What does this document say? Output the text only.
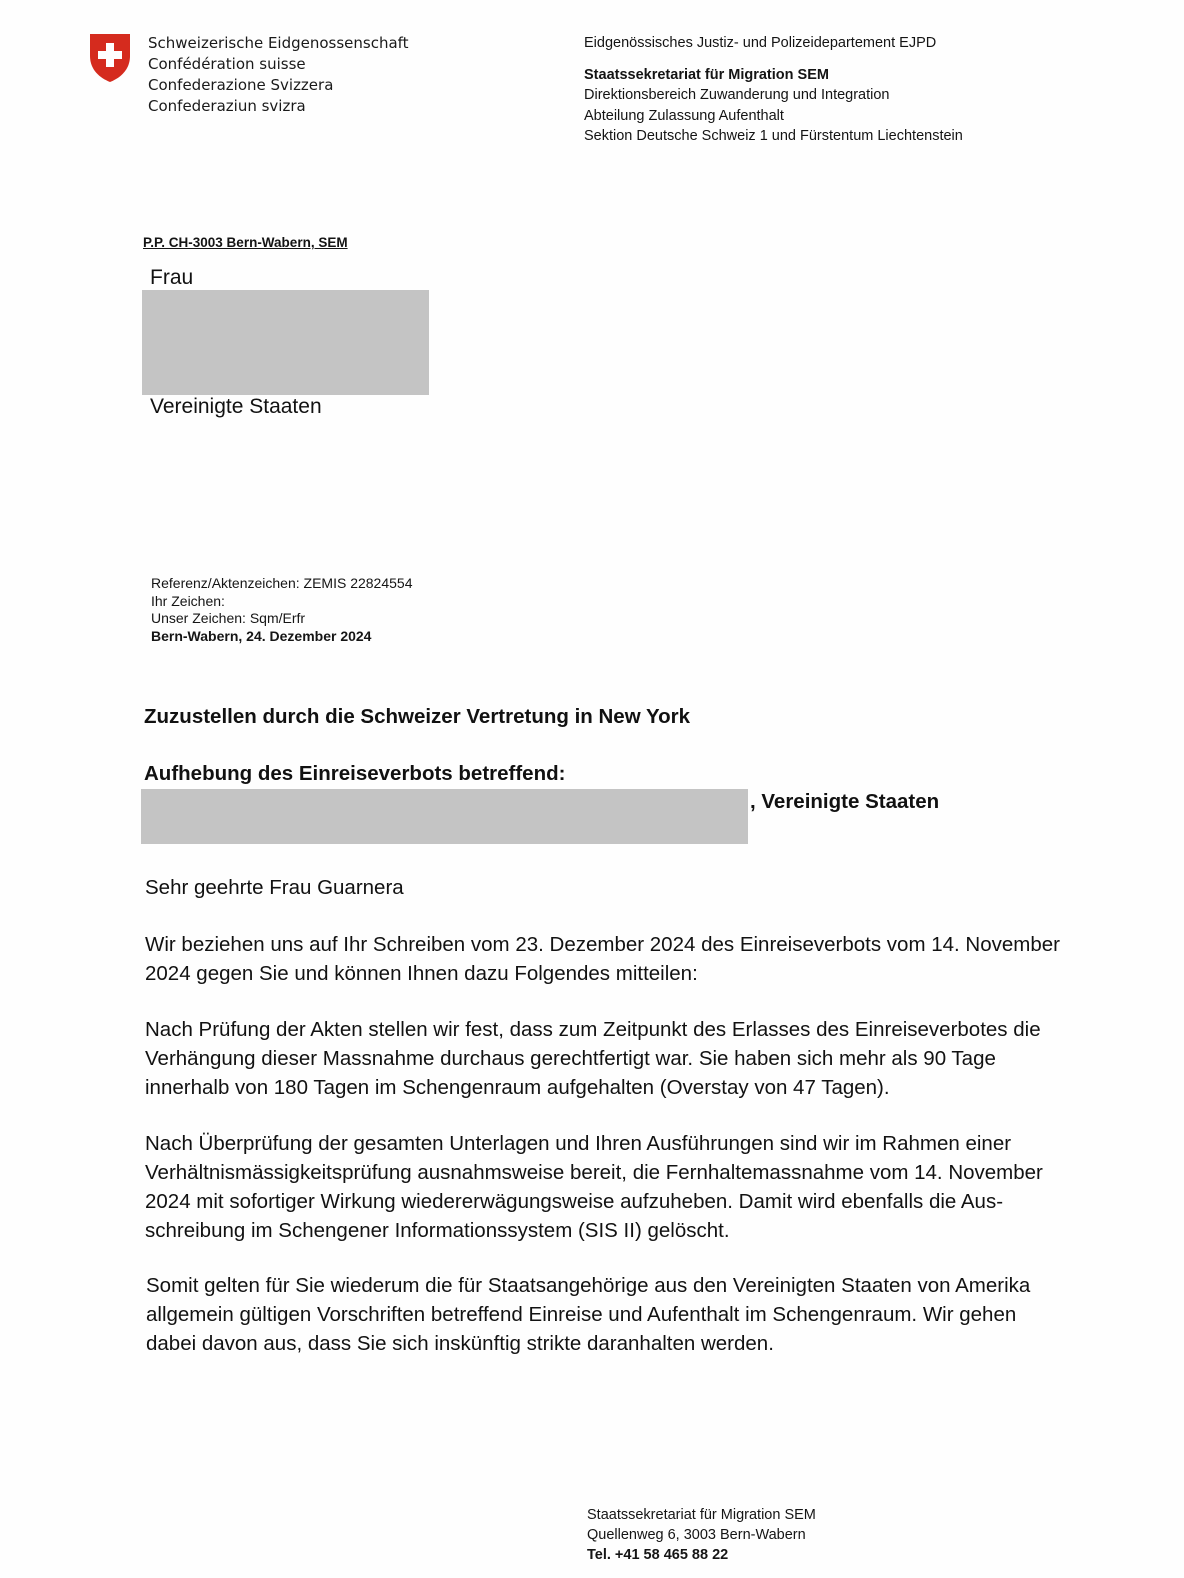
Schweizerische Eidgenossenschaft
Confédération suisse
Confederazione Svizzera
Confederaziun svizra
Eidgenössisches Justiz- und Polizeidepartement EJPD
Staatssekretariat für Migration SEM
Direktionsbereich Zuwanderung und Integration
Abteilung Zulassung Aufenthalt
Sektion Deutsche Schweiz 1 und Fürstentum Liechtenstein
P.P. CH-3003 Bern-Wabern, SEM
Frau
Vereinigte Staaten
Referenz/Aktenzeichen: ZEMIS 22824554
Ihr Zeichen:
Unser Zeichen: Sqm/Erfr
Bern-Wabern, 24. Dezember 2024
Zuzustellen durch die Schweizer Vertretung in New York
Aufhebung des Einreiseverbots betreffend:
, Vereinigte Staaten
Sehr geehrte Frau Guarnera
Wir beziehen uns auf Ihr Schreiben vom 23. Dezember 2024 des Einreiseverbots vom 14. November
2024 gegen Sie und können Ihnen dazu Folgendes mitteilen:
Nach Prüfung der Akten stellen wir fest, dass zum Zeitpunkt des Erlasses des Einreiseverbotes die
Verhängung dieser Massnahme durchaus gerechtfertigt war. Sie haben sich mehr als 90 Tage
innerhalb von 180 Tagen im Schengenraum aufgehalten (Overstay von 47 Tagen).
Nach Überprüfung der gesamten Unterlagen und Ihren Ausführungen sind wir im Rahmen einer
Verhältnismässigkeitsprüfung ausnahmsweise bereit, die Fernhaltemassnahme vom 14. November
2024 mit sofortiger Wirkung wiedererwägungsweise aufzuheben. Damit wird ebenfalls die Aus-
schreibung im Schengener Informationssystem (SIS II) gelöscht.
Somit gelten für Sie wiederum die für Staatsangehörige aus den Vereinigten Staaten von Amerika
allgemein gültigen Vorschriften betreffend Einreise und Aufenthalt im Schengenraum. Wir gehen
dabei davon aus, dass Sie sich inskünftig strikte daranhalten werden.
Staatssekretariat für Migration SEM
Quellenweg 6, 3003 Bern-Wabern
Tel. +41 58 465 88 22
